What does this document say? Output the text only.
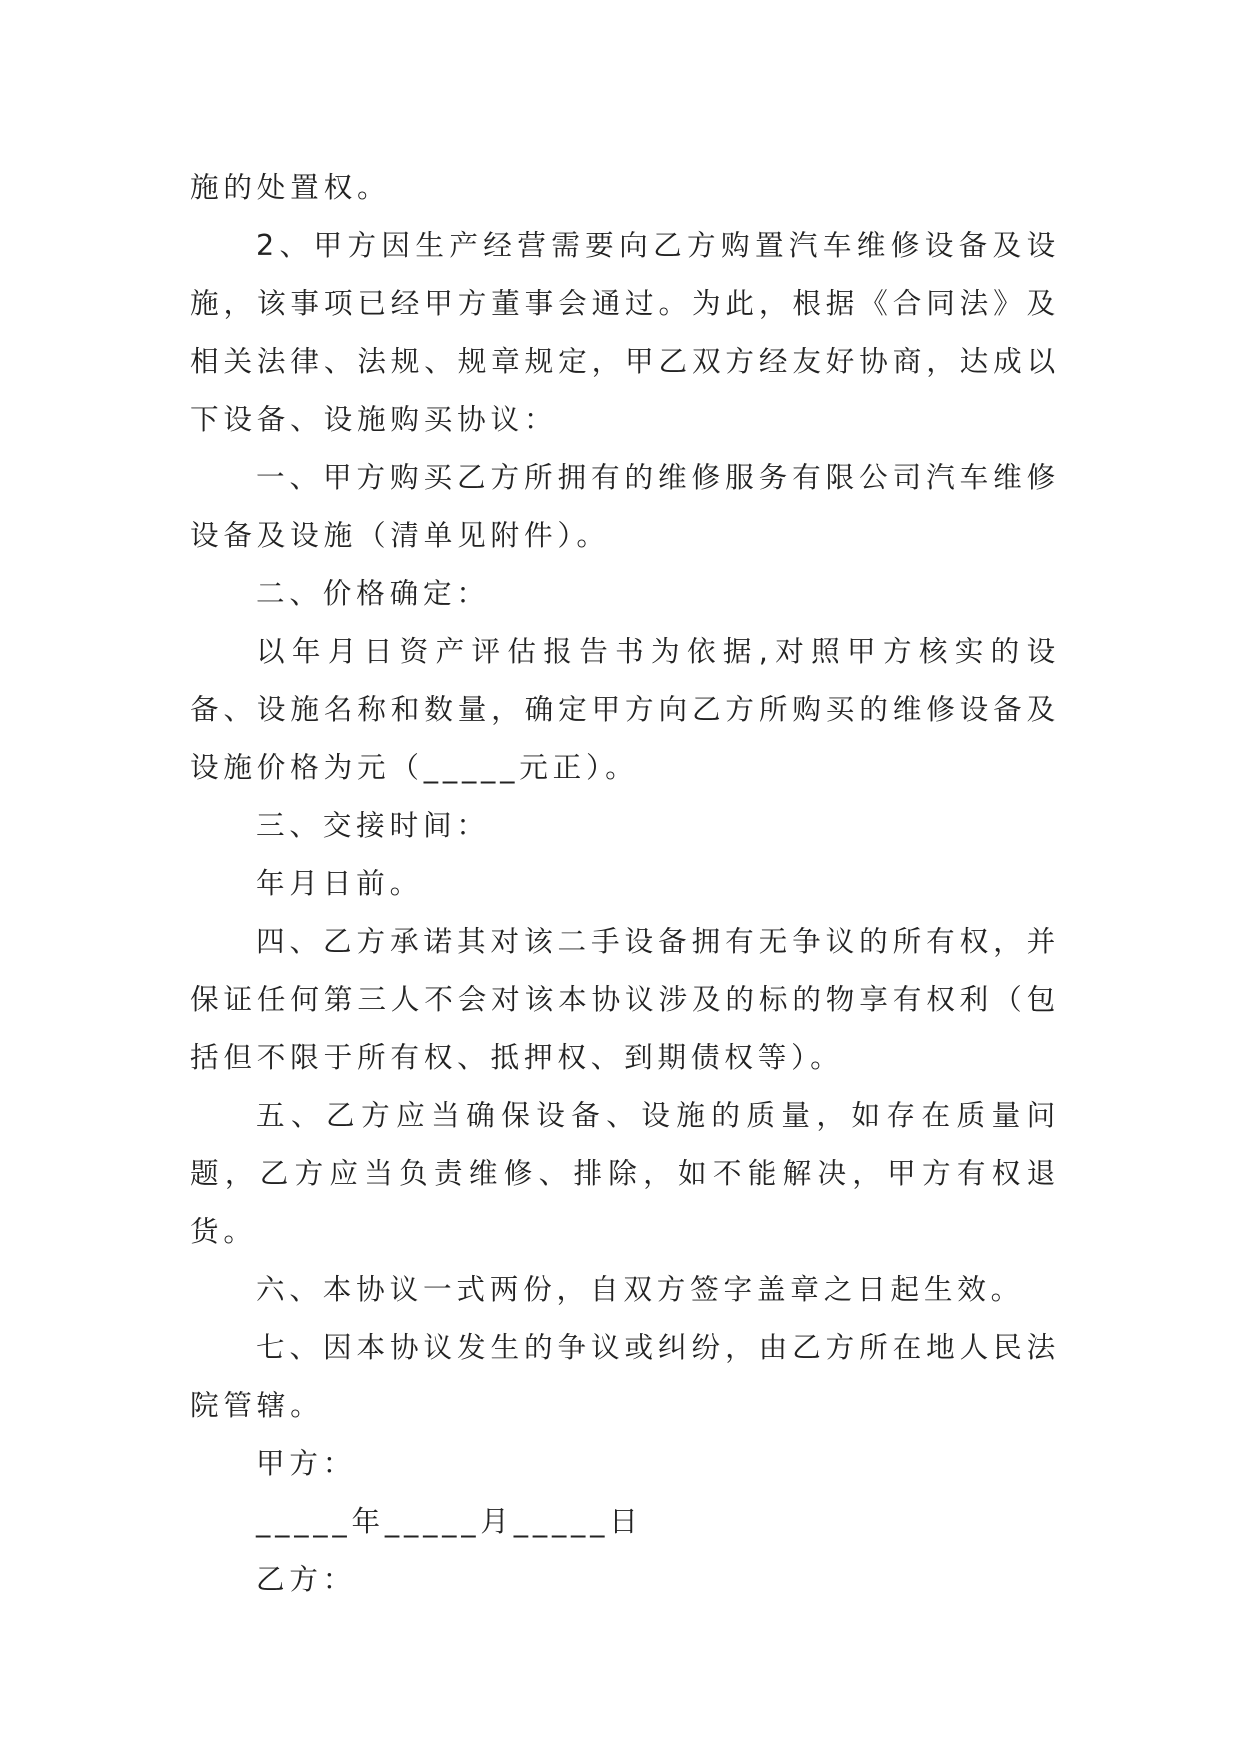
施的处置权。

2、甲方因生产经营需要向乙方购置汽车维修设备及设施，该事项已经甲方董事会通过。为此，根据《合同法》及相关法律、法规、规章规定，甲乙双方经友好协商，达成以下设备、设施购买协议：

一、甲方购买乙方所拥有的维修服务有限公司汽车维修设备及设施（清单见附件）。

二、价格确定：

以年月日资产评估报告书为依据,对照甲方核实的设备、设施名称和数量，确定甲方向乙方所购买的维修设备及设施价格为元（_____元正）。

三、交接时间：

年月日前。

四、乙方承诺其对该二手设备拥有无争议的所有权，并保证任何第三人不会对该本协议涉及的标的物享有权利（包括但不限于所有权、抵押权、到期债权等）。

五、乙方应当确保设备、设施的质量，如存在质量问题，乙方应当负责维修、排除，如不能解决，甲方有权退货。

六、本协议一式两份，自双方签字盖章之日起生效。

七、因本协议发生的争议或纠纷，由乙方所在地人民法院管辖。

甲方：

_____年_____月_____日

乙方：
